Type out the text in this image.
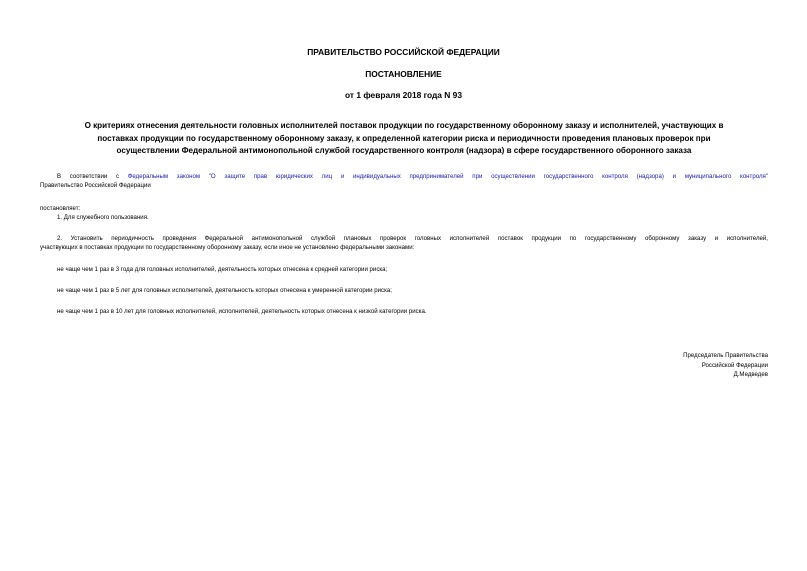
ПРАВИТЕЛЬСТВО РОССИЙСКОЙ ФЕДЕРАЦИИ
ПОСТАНОВЛЕНИЕ
от 1 февраля 2018 года N 93
О критериях отнесения деятельности головных исполнителей поставок продукции по государственному оборонному заказу и исполнителей, участвующих в
поставках продукции по государственному оборонному заказу, к определенной категории риска и периодичности проведения плановых проверок при
осуществлении Федеральной антимонопольной службой государственного контроля (надзора) в сфере государственного оборонного заказа
В соответствии с Федеральным законом "О защите прав юридических лиц и индивидуальных предпринимателей при осуществлении государственного контроля (надзора) и муниципального контроля"
Правительство Российской Федерации
постановляет:
1. Для служебного пользования.
2. Установить периодичность проведения Федеральной антимонопольной службой плановых проверок головных исполнителей поставок продукции по государственному оборонному заказу и исполнителей,
участвующих в поставках продукции по государственному оборонному заказу, если иное не установлено федеральными законами:
не чаще чем 1 раз в 3 года для головных исполнителей, деятельность которых отнесена к средней категории риска;
не чаще чем 1 раз в 5 лет для головных исполнителей, деятельность которых отнесена к умеренной категории риска;
не чаще чем 1 раз в 10 лет для головных исполнителей, исполнителей, деятельность которых отнесена к низкой категории риска.
Председатель Правительства
Российской Федерации
Д.Медведев
